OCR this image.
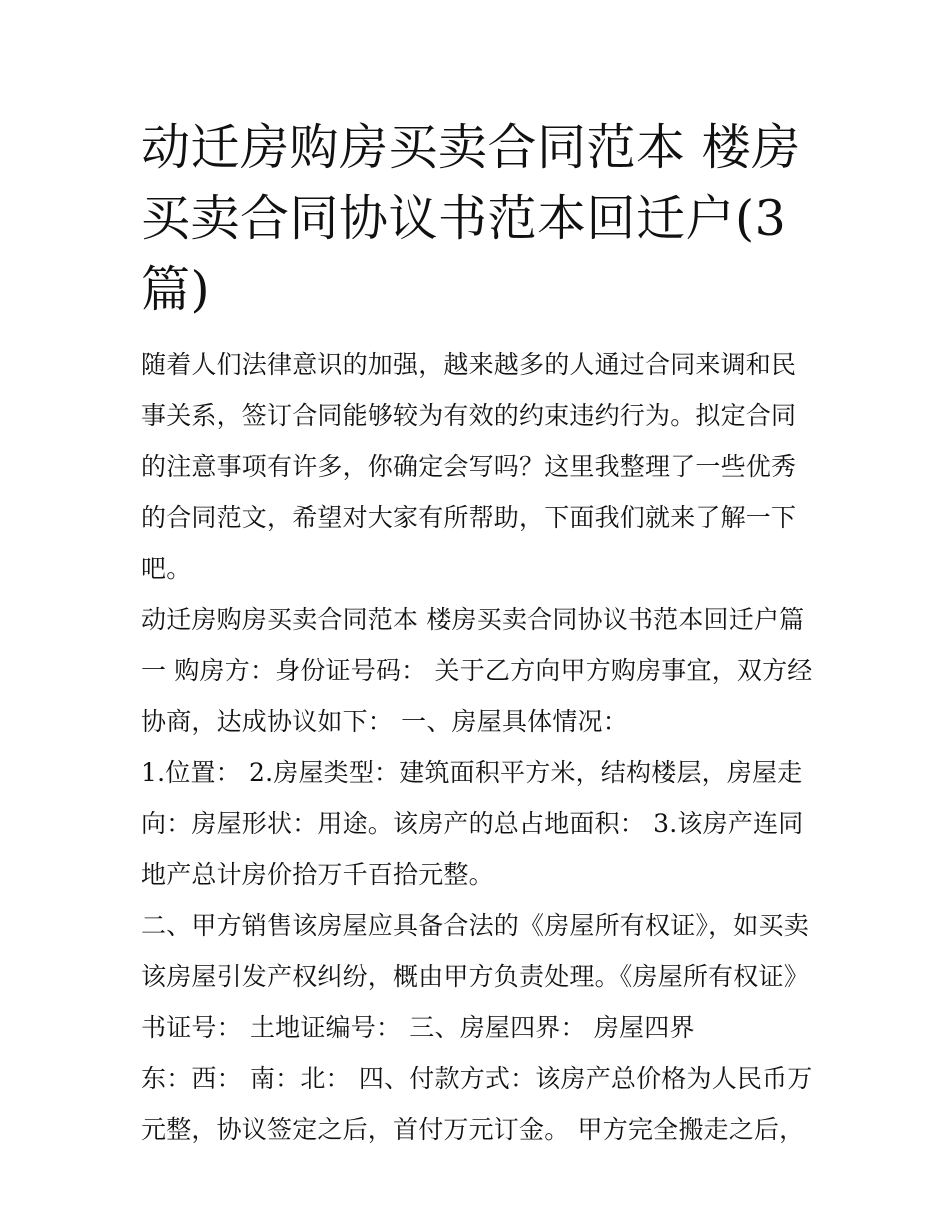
动迁房购房买卖合同范本 楼房买卖合同协议书范本回迁户(3篇)

随着人们法律意识的加强，越来越多的人通过合同来调和民事关系，签订合同能够较为有效的约束违约行为。拟定合同的注意事项有许多，你确定会写吗？这里我整理了一些优秀的合同范文，希望对大家有所帮助，下面我们就来了解一下吧。

动迁房购房买卖合同范本 楼房买卖合同协议书范本回迁户篇一 购房方：身份证号码： 关于乙方向甲方购房事宜，双方经协商，达成协议如下： 一、房屋具体情况：

1.位置： 2.房屋类型：建筑面积平方米，结构楼层，房屋走向：房屋形状：用途。该房产的总占地面积： 3.该房产连同地产总计房价拾万千百拾元整。

二、甲方销售该房屋应具备合法的《房屋所有权证》，如买卖该房屋引发产权纠纷，概由甲方负责处理。《房屋所有权证》书证号： 土地证编号： 三、房屋四界： 房屋四界

东：西： 南：北： 四、付款方式：该房产总价格为人民币万元整，协议签定之后，首付万元订金。 甲方完全搬走之后，
